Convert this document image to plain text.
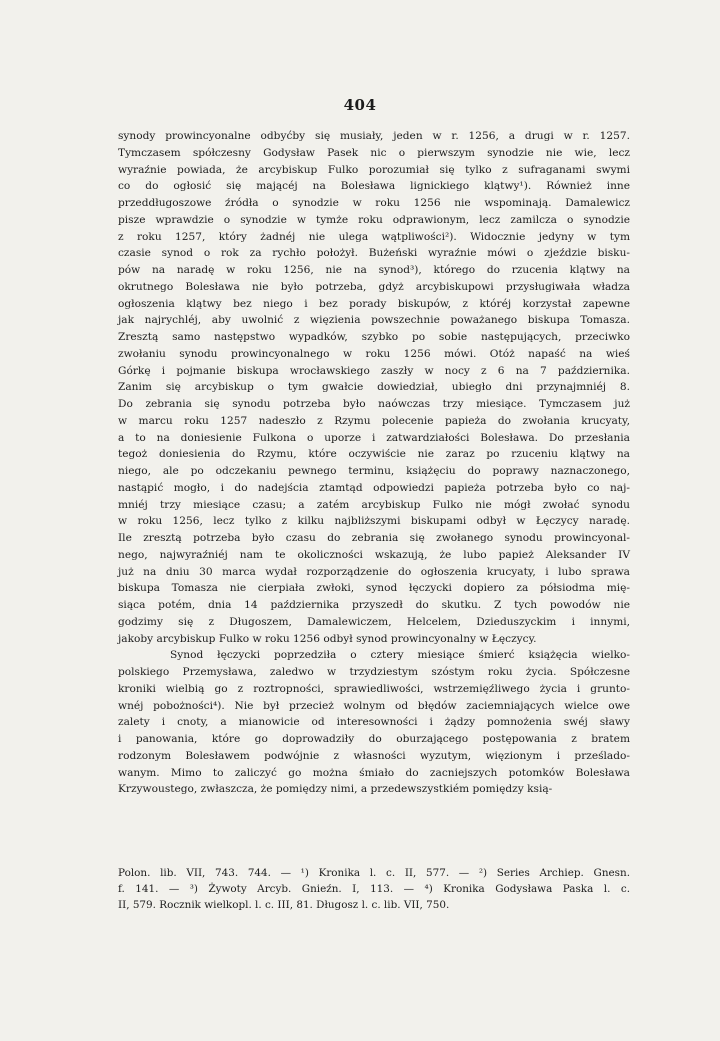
404
synody prowincyonalne odbyćby się musiały, jeden w r. 1256, a drugi w r. 1257.
Tymczasem spółczesny Godysław Pasek nic o pierwszym synodzie nie wie, lecz
wyraźnie powiada, że arcybiskup Fulko porozumiał się tylko z sufraganami swymi
co do ogłosić się mającéj na Bolesława lignickiego klątwy¹). Również inne
przeddługoszowe źródła o synodzie w roku 1256 nie wspominają. Damalewicz
pisze wprawdzie o synodzie w tymże roku odprawionym, lecz zamilcza o synodzie
z roku 1257, który żadnéj nie ulega wątpliwości²). Widocznie jedyny w tym
czasie synod o rok za rychło położył. Bużeński wyraźnie mówi o zjeździe bisku-
pów na naradę w roku 1256, nie na synod³), którego do rzucenia klątwy na
okrutnego Bolesława nie było potrzeba, gdyż arcybiskupowi przysługiwała władza
ogłoszenia klątwy bez niego i bez porady biskupów, z któréj korzystał zapewne
jak najrychléj, aby uwolnić z więzienia powszechnie poważanego biskupa Tomasza.
Zresztą samo następstwo wypadków, szybko po sobie następujących, przeciwko
zwołaniu synodu prowincyonalnego w roku 1256 mówi. Otóż napaść na wieś
Górkę i pojmanie biskupa wrocławskiego zaszły w nocy z 6 na 7 października.
Zanim się arcybiskup o tym gwałcie dowiedział, ubiegło dni przynajmniéj 8.
Do zebrania się synodu potrzeba było naówczas trzy miesiące. Tymczasem już
w marcu roku 1257 nadeszło z Rzymu polecenie papieża do zwołania krucyaty,
a to na doniesienie Fulkona o uporze i zatwardziałości Bolesława. Do przesłania
tegoż doniesienia do Rzymu, które oczywiście nie zaraz po rzuceniu klątwy na
niego, ale po odczekaniu pewnego terminu, książęciu do poprawy naznaczonego,
nastąpić mogło, i do nadejścia ztamtąd odpowiedzi papieża potrzeba było co naj-
mniéj trzy miesiące czasu; a zatém arcybiskup Fulko nie mógł zwołać synodu
w roku 1256, lecz tylko z kilku najbliższymi biskupami odbył w Łęczycy naradę.
Ile zresztą potrzeba było czasu do zebrania się zwołanego synodu prowincyonal-
nego, najwyraźniéj nam te okoliczności wskazują, że lubo papież Aleksander IV
już na dniu 30 marca wydał rozporządzenie do ogłoszenia krucyaty, i lubo sprawa
biskupa Tomasza nie cierpiała zwłoki, synod łęczycki dopiero za półsiodma mię-
siąca potém, dnia 14 października przyszedł do skutku. Z tych powodów nie
godzimy się z Długoszem, Damalewiczem, Helcelem, Dzieduszyckim i innymi,
jakoby arcybiskup Fulko w roku 1256 odbył synod prowincyonalny w Łęczycy.
Synod łęczycki poprzedziła o cztery miesiące śmierć książęcia wielko-
polskiego Przemysława, zaledwo w trzydziestym szóstym roku życia. Spółczesne
kroniki wielbią go z roztropności, sprawiedliwości, wstrzemięźliwego życia i grunto-
wnéj pobożności⁴). Nie był przecież wolnym od błędów zaciemniających wielce owe
zalety i cnoty, a mianowicie od interesowności i żądzy pomnożenia swéj sławy
i panowania, które go doprowadziły do oburzającego postępowania z bratem
rodzonym Bolesławem podwójnie z własności wyzutym, więzionym i prześlado-
wanym. Mimo to zaliczyć go można śmiało do zacniejszych potomków Bolesława
Krzywoustego, zwłaszcza, że pomiędzy nimi, a przedewszystkiém pomiędzy ksią-
Polon. lib. VII, 743. 744. — ¹) Kronika l. c. II, 577. — ²) Series Archiep. Gnesn.
f. 141. — ³) Żywoty Arcyb. Gnieźn. I, 113. — ⁴) Kronika Godysława Paska l. c.
II, 579. Rocznik wielkopl. l. c. III, 81. Długosz l. c. lib. VII, 750.
